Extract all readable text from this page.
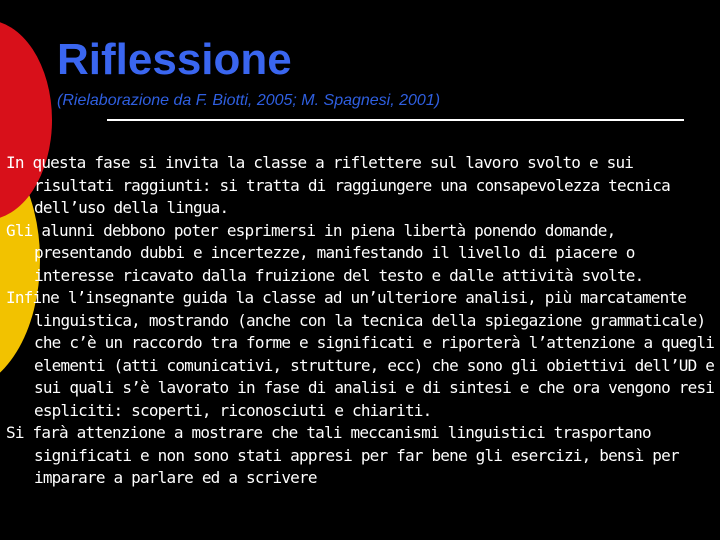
Riflessione
(Rielaborazione da F. Biotti, 2005; M. Spagnesi, 2001)

In questa fase si invita la classe a riflettere sul lavoro svolto e sui risultati raggiunti: si tratta di raggiungere una consapevolezza tecnica dell’uso della lingua.

Gli alunni debbono poter esprimersi in piena libertà ponendo domande, presentando dubbi e incertezze, manifestando il livello di piacere o interesse ricavato dalla fruizione del testo e dalle attività svolte.

Infine l’insegnante guida la classe ad un’ulteriore analisi, più marcatamente linguistica, mostrando (anche con la tecnica della spiegazione grammaticale) che c’è un raccordo tra forme e significati e riporterà l’attenzione a quegli elementi (atti comunicativi, strutture, ecc) che sono gli obiettivi dell’UD e sui quali s’è lavorato in fase di analisi e di sintesi e che ora vengono resi espliciti: scoperti, riconosciuti e chiariti.

Si farà attenzione a mostrare che tali meccanismi linguistici trasportano significati e non sono stati appresi per far bene gli esercizi, bensì per imparare a parlare ed a scrivere
